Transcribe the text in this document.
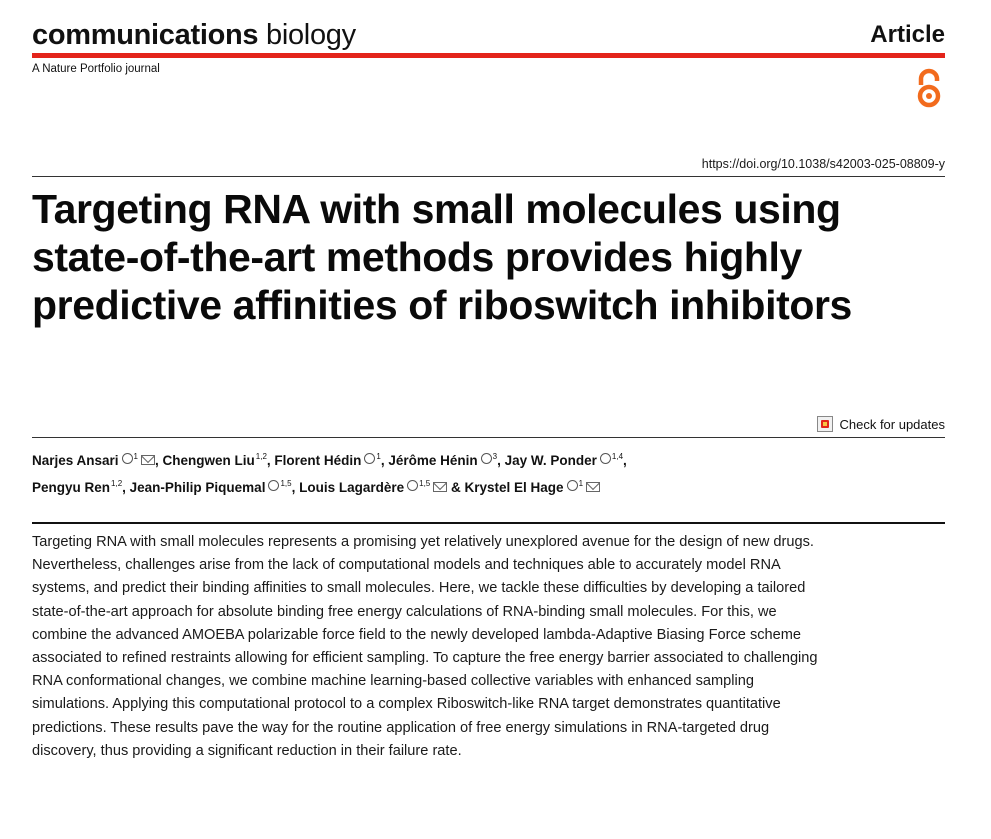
communications biology	Article
A Nature Portfolio journal
https://doi.org/10.1038/s42003-025-08809-y
Targeting RNA with small molecules using state-of-the-art methods provides highly predictive affinities of riboswitch inhibitors
Check for updates
Narjes Ansari $^1$ , Chengwen Liu$^{1,2}$, Florent Hédin $^1$, Jérôme Hénin $^3$, Jay W. Ponder $^{1,4}$,
Pengyu Ren$^{1,2}$, Jean-Philip Piquemal $^{1,5}$, Louis Lagardère $^{1,5}$ & Krystel El Hage $^1$

Targeting RNA with small molecules represents a promising yet relatively unexplored avenue for the design of new drugs. Nevertheless, challenges arise from the lack of computational models and techniques able to accurately model RNA systems, and predict their binding affinities to small molecules. Here, we tackle these difficulties by developing a tailored state-of-the-art approach for absolute binding free energy calculations of RNA-binding small molecules. For this, we combine the advanced AMOEBA polarizable force field to the newly developed lambda-Adaptive Biasing Force scheme associated to refined restraints allowing for efficient sampling. To capture the free energy barrier associated to challenging RNA conformational changes, we combine machine learning-based collective variables with enhanced sampling simulations. Applying this computational protocol to a complex Riboswitch-like RNA target demonstrates quantitative predictions. These results pave the way for the routine application of free energy simulations in RNA-targeted drug discovery, thus providing a significant reduction in their failure rate.
